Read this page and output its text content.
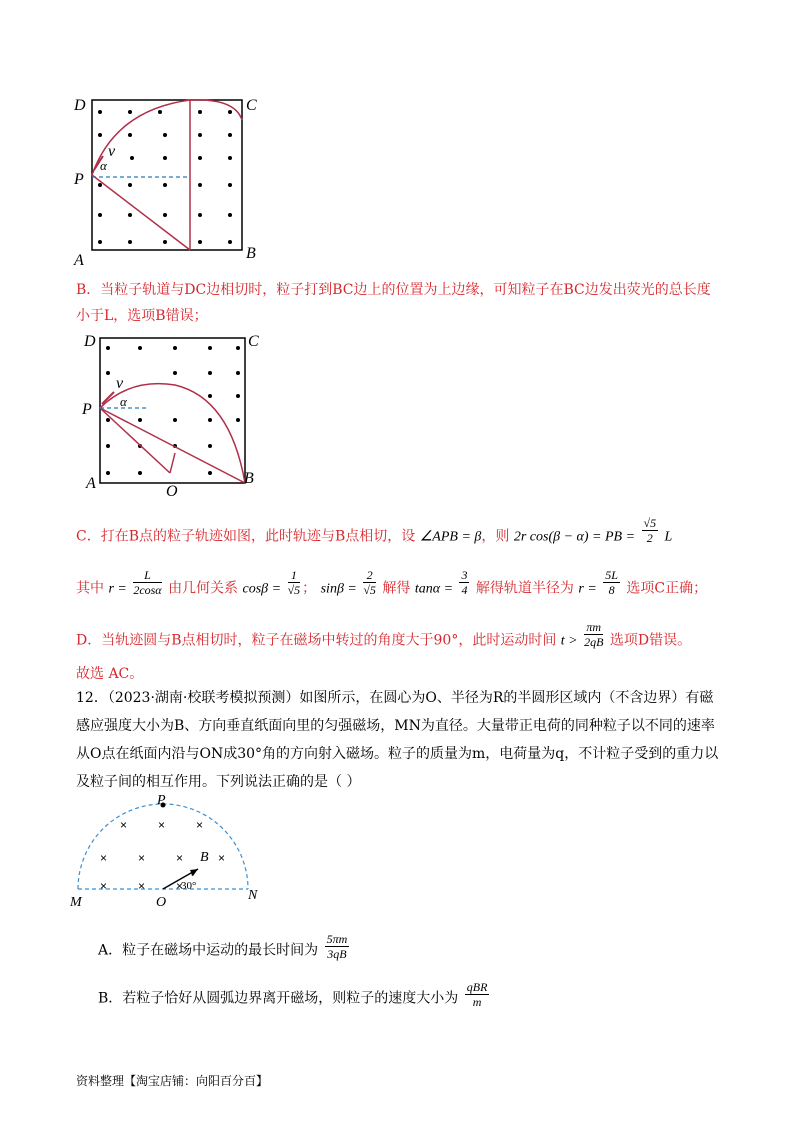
D	C
P
A	B
v
α
B．当粒子轨道与DC边相切时，粒子打到BC边上的位置为上边缘，可知粒子在BC边发出荧光的总长度
小于L，选项B错误；
D	C
P
A	B
O
v
α
C．打在B点的粒子轨迹如图，此时轨迹与B点相切，设 ∠APB = β，则 2r cos(β − α) = PB = $\frac{√5}{2}$ L
其中 $r = \frac{L}{2\cos\alpha}$ 由几何关系 $\cos\beta = \frac{1}{√5}$ ； $\sin\beta = \frac{2}{√5}$ 解得 $\tan\alpha = \frac{3}{4}$ 解得轨道半径为 $r = \frac{5L}{8}$ 选项C正确；
D．当轨迹圆与B点相切时，粒子在磁场中转过的角度大于90°，此时运动时间 $t > \frac{\pi m}{2qB}$ 选项D错误。
故选 AC。
12．（2023·湖南·校联考模拟预测）如图所示，在圆心为O、半径为R的半圆形区域内（不含边界）有磁
感应强度大小为B、方向垂直纸面向里的匀强磁场，MN为直径。大量带正电荷的同种粒子以不同的速率
从O点在纸面内沿与ON成30°角的方向射入磁场。粒子的质量为m，电荷量为q，不计粒子受到的重力以
及粒子间的相互作用。下列说法正确的是（ ）
×	×	×
×	×	×	×
×	×	×
P
M	O	N
B
v
30°
A．粒子在磁场中运动的最长时间为 $\frac{5\pi m}{3qB}$
B．若粒子恰好从圆弧边界离开磁场，则粒子的速度大小为 $\frac{\text{qBR}}{m}$
资料整理【淘宝店铺：向阳百分百】
